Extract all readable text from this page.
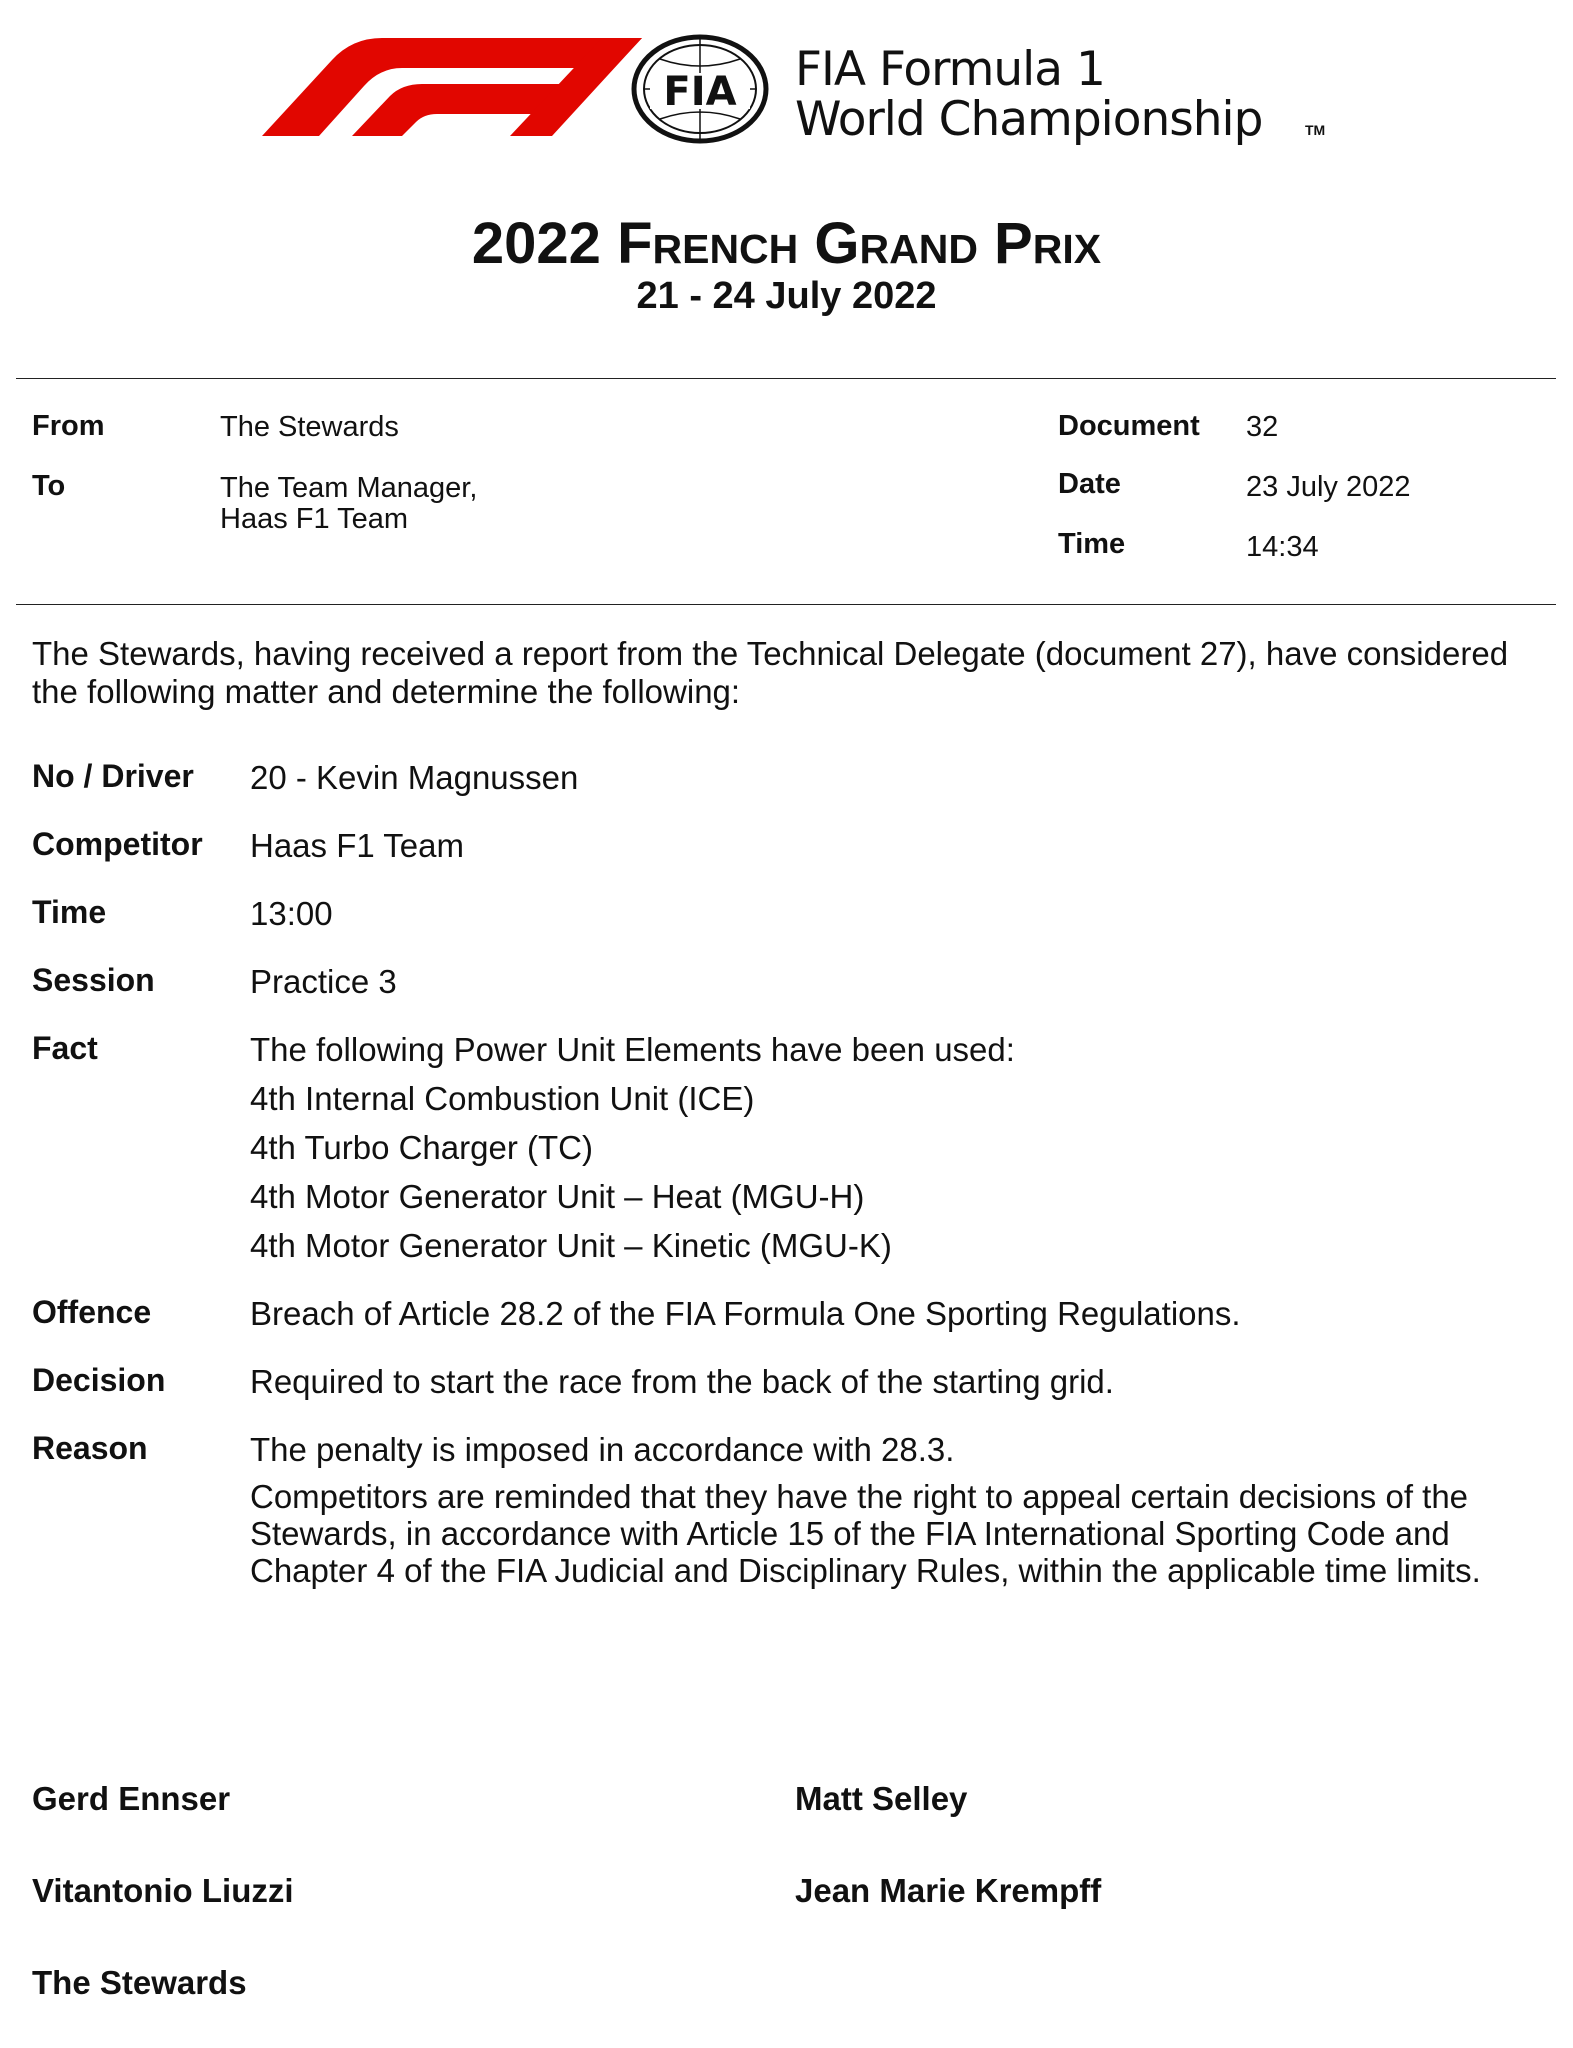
FIA FIA Formula 1
World Championship	TM
2022 French Grand Prix
21 - 24 July 2022
From	The Stewards
To	The Team Manager,
Haas F1 Team
Document 32
Date	23 July 2022
Time	14:34
The Stewards, having received a report from the Technical Delegate (document 27), have considered the following matter and determine the following:
No / Driver 20 - Kevin Magnussen
Competitor Haas F1 Team
Time	13:00
Session	Practice 3
Fact	The following Power Unit Elements have been used:
4th Internal Combustion Unit (ICE)
4th Turbo Charger (TC)
4th Motor Generator Unit – Heat (MGU-H)
4th Motor Generator Unit – Kinetic (MGU-K)
Offence	Breach of Article 28.2 of the FIA Formula One Sporting Regulations.
Decision	Required to start the race from the back of the starting grid.
Reason	The penalty is imposed in accordance with 28.3.
Competitors are reminded that they have the right to appeal certain decisions of the Stewards, in accordance with Article 15 of the FIA International Sporting Code and Chapter 4 of the FIA Judicial and Disciplinary Rules, within the applicable time limits.
Gerd Ennser	Matt Selley
Vitantonio Liuzzi	Jean Marie Krempff
The Stewards
